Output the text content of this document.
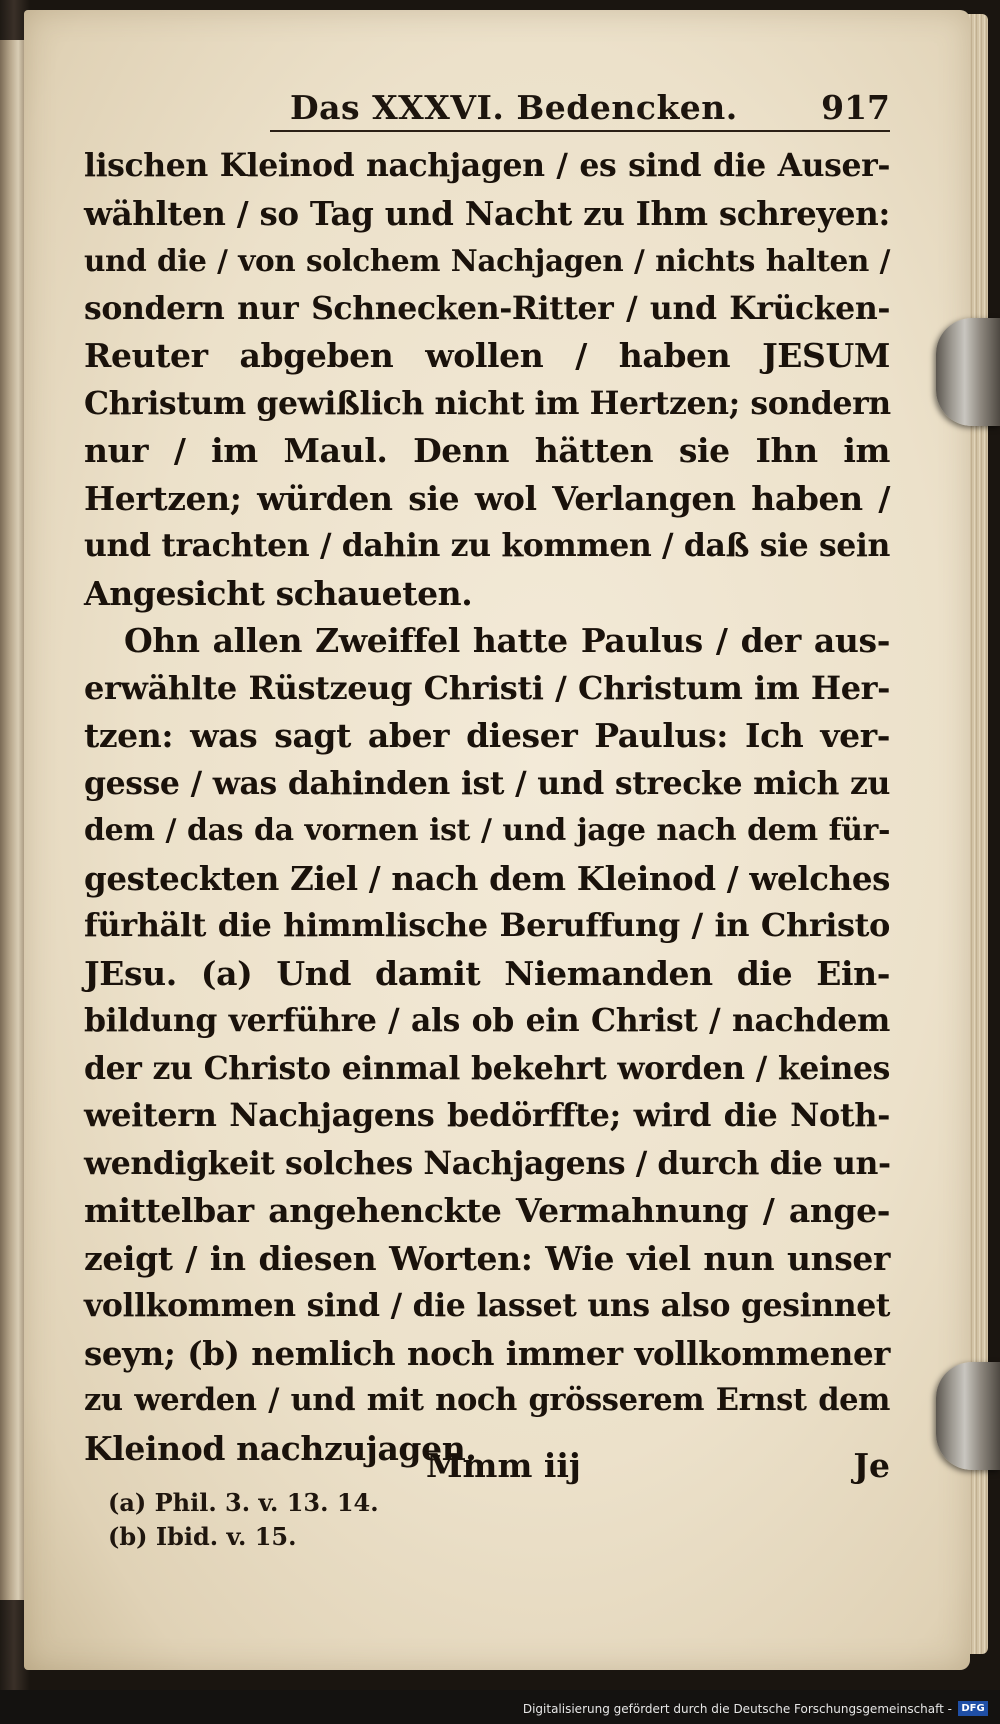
Das XXXVI. Bedencken.	917
lischen Kleinod nachjagen / es sind die Auser-
wählten / so Tag und Nacht zu Ihm schreyen:
und die / von solchem Nachjagen / nichts halten /
sondern nur Schnecken-Ritter / und Krücken-
Reuter abgeben wollen / haben JESUM
Christum gewißlich nicht im Hertzen; sondern
nur / im Maul. Denn hätten sie Ihn im
Hertzen; würden sie wol Verlangen haben /
und trachten / dahin zu kommen / daß sie sein
Angesicht schaueten.
Ohn allen Zweiffel hatte Paulus / der aus-
erwählte Rüstzeug Christi / Christum im Her-
tzen: was sagt aber dieser Paulus: Ich ver-
gesse / was dahinden ist / und strecke mich zu
dem / das da vornen ist / und jage nach dem für-
gesteckten Ziel / nach dem Kleinod / welches
fürhält die himmlische Beruffung / in Christo
JEsu. (a) Und damit Niemanden die Ein-
bildung verführe / als ob ein Christ / nachdem
der zu Christo einmal bekehrt worden / keines
weitern Nachjagens bedörffte; wird die Noth-
wendigkeit solches Nachjagens / durch die un-
mittelbar angehenckte Vermahnung / ange-
zeigt / in diesen Worten: Wie viel nun unser
vollkommen sind / die lasset uns also gesinnet
seyn; (b) nemlich noch immer vollkommener
zu werden / und mit noch grösserem Ernst dem
Kleinod nachzujagen.
Mmm iij	Je
(a) Phil. 3. v. 13. 14.
(b) Ibid. v. 15.
Digitalisierung gefördert durch die Deutsche Forschungsgemeinschaft - DFG
